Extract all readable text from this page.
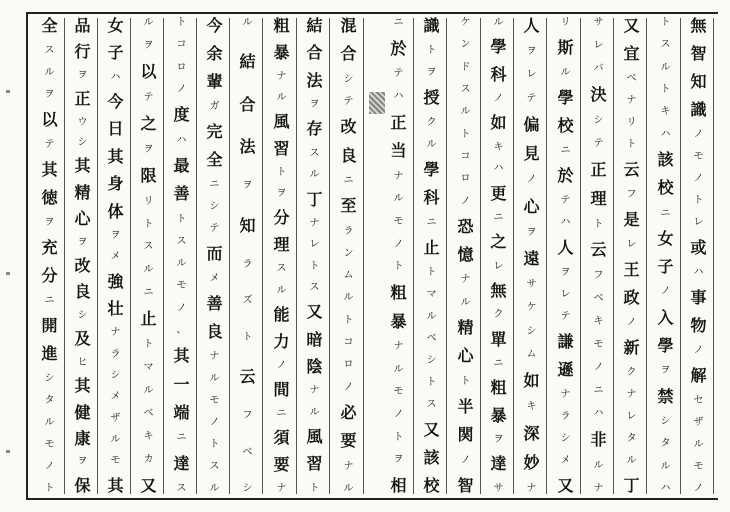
無
智
知
識
ノ
モ
ノ
ト
レ
或
ハ
事
物
ノ
解
セ
ザ
ル
モ
ノ
ト
ス
ル
ト
キ
ハ
該
校
ニ
女
子
ノ
入
學
ヲ
禁
シ
タ
ル
ハ
又
宜
ベ
ナ
リ
ト
云
フ
是
レ
王
政
ノ
新
ク
ナ
レ
タ
ル
丁
サ
レ
バ
決
シ
テ
正
理
ト
云
フ
ベ
キ
モ
ノ
ニ
ハ
非
ル
ナ
リ
斯
ル
學
校
ニ
於
テ
ハ
人
ヲ
レ
テ
謙
遜
ナ
ラ
シ
メ
又
人
ヲ
レ
テ
偏
見
ノ
心
ヲ
遠
サ
ケ
シ
ム
如
キ
深
妙
ナ
ル
學
科
ノ
如
キ
ハ
更
ニ
之
レ
無
ク
單
ニ
粗
暴
ヲ
達
サ
ケ
ン
ド
ス
ル
ト
コ
ロ
ノ
恐
憶
ナ
ル
精
心
ト
半
関
ノ
智
識
ト
ヲ
授
ク
ル
學
科
ニ
止
ト
マ
ル
ベ
シ
ト
ス
又
該
校
ニ
於
テ
ハ
正
当
ナ
ル
モ
ノ
ト
粗
暴
ナ
ル
モ
ノ
ト
ヲ
相
混
合
シ
テ
改
良
ニ
至
ラ
ン
ム
ル
ト
コ
ロ
ノ
必
要
ナ
ル
結
合
法
ヲ
存
ス
ル
丁
ナ
レ
ト
ス
又
暗
陰
ナ
ル
風
習
ト
粗
暴
ナ
ル
風
習
ト
ヲ
分
理
ス
ル
能
力
ノ
間
ニ
須
要
ナ
ル
結
合
法
ヲ
知
ラ
ズ
ト
云
フ
ベ
シ
今
余
輩
ガ
完
全
ニ
シ
テ
而
メ
善
良
ナ
ル
モ
ノ
ト
ス
ル
ト
コ
ロ
ノ
度
ハ
最
善
ト
ス
ル
モ
ノ
、
其
一
端
ニ
達
ス
ル
ヲ
以
テ
之
ヲ
限
リ
ト
ス
ル
ニ
止
ト
マ
ル
ベ
キ
カ
又
女
子
ハ
今
日
其
身
体
ヲ
メ
強
壮
ナ
ラ
シ
メ
ザ
ル
モ
其
品
行
ヲ
正
ウ
シ
其
精
心
ヲ
改
良
シ
及
ヒ
其
健
康
ヲ
保
全
ス
ル
ヲ
以
テ
其
徳
ヲ
充
分
ニ
開
進
シ
タ
ル
モ
ノ
ト
